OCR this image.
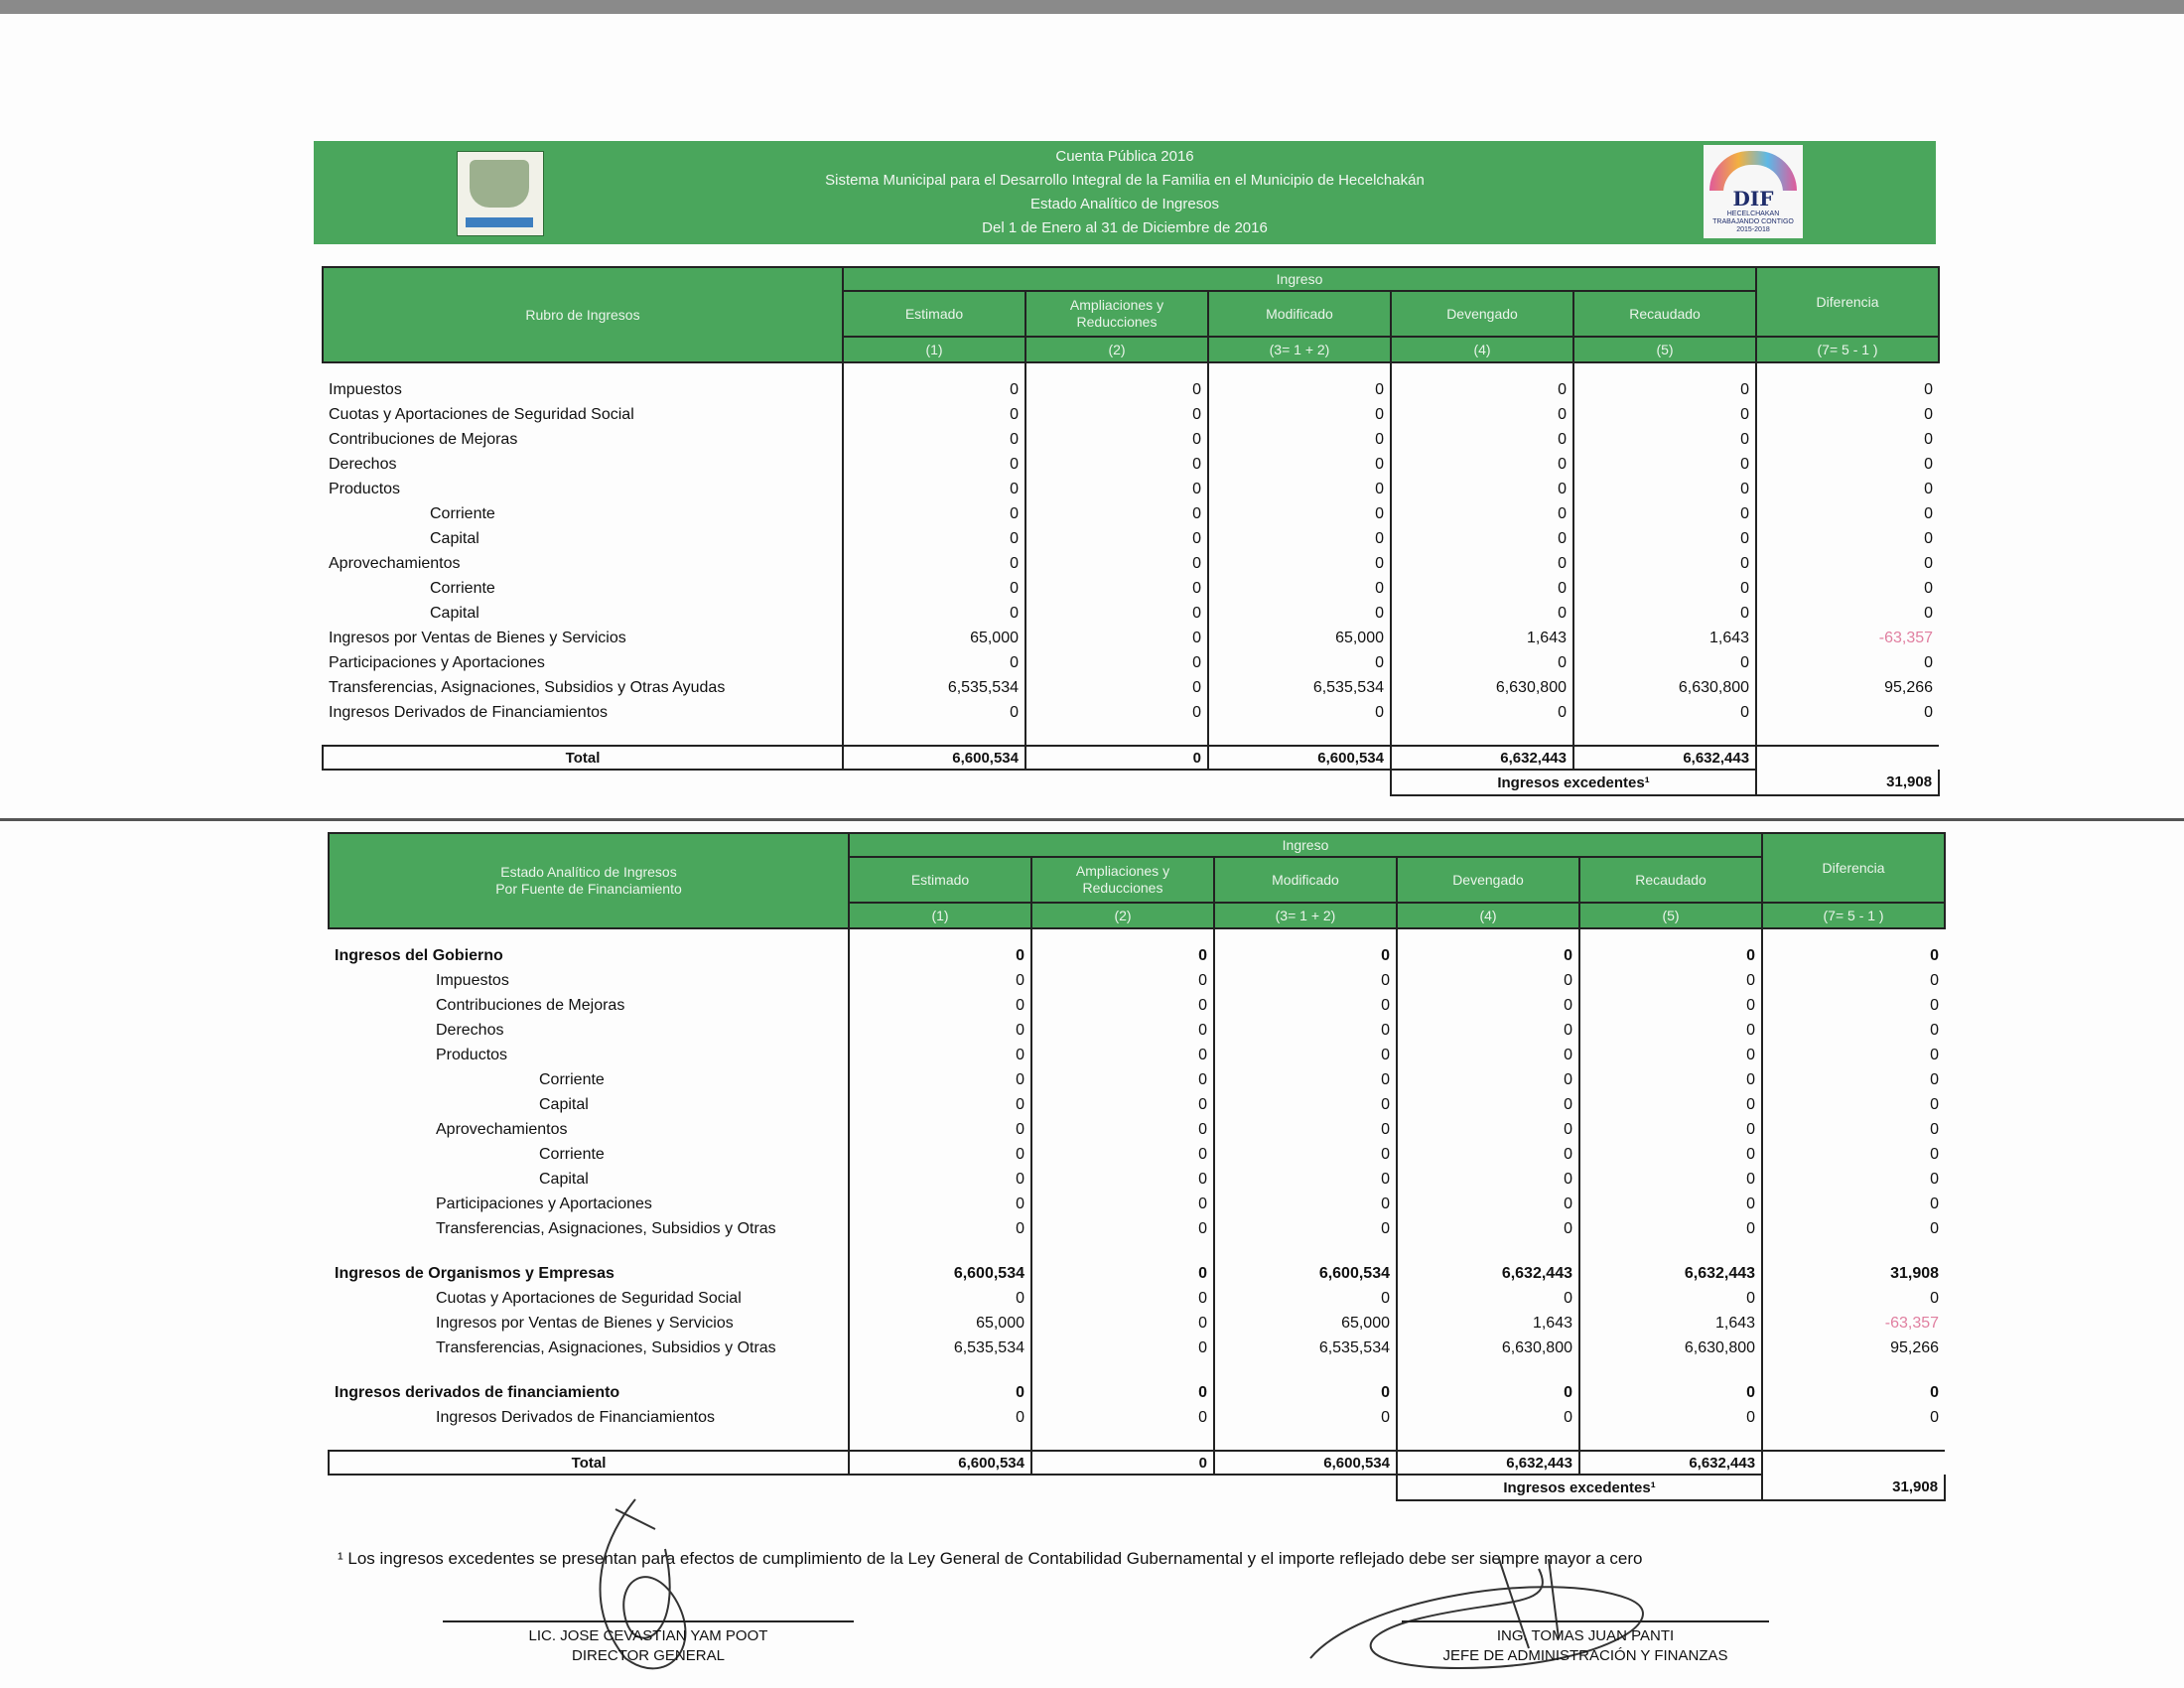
Cuenta Pública 2016
Sistema Municipal para el Desarrollo Integral de la Familia en el Municipio de Hecelchakán
Estado Analítico de Ingresos
Del 1 de Enero al 31 de Diciembre de 2016
DIF
HECELCHAKAN TRABAJANDO CONTIGO 2015-2018
Rubro de Ingresos	Ingreso					Diferencia
	Estimado	Ampliaciones y Reducciones	Modificado	Devengado	Recaudado	
	(1)	(2)	(3= 1 + 2)	(4)	(5)	(7= 5 - 1 )
Impuestos	0	0	0	0	0	0
Cuotas y Aportaciones de Seguridad Social	0	0	0	0	0	0
Contribuciones de Mejoras	0	0	0	0	0	0
Derechos	0	0	0	0	0	0
Productos	0	0	0	0	0	0
Corriente	0	0	0	0	0	0
Capital	0	0	0	0	0	0
Aprovechamientos	0	0	0	0	0	0
Corriente	0	0	0	0	0	0
Capital	0	0	0	0	0	0
Ingresos por Ventas de Bienes y Servicios	65,000	0	65,000	1,643	1,643	-63,357
Participaciones y Aportaciones	0	0	0	0	0	0
Transferencias, Asignaciones, Subsidios y Otras Ayudas	6,535,534	0	6,535,534	6,630,800	6,630,800	95,266
Ingresos Derivados de Financiamientos	0	0	0	0	0	0

Total	6,600,534	0	6,600,534	6,632,443	6,632,443	
				Ingresos excedentes¹		31,908
Estado Analítico de Ingresos
Por Fuente de Financiamiento	Ingreso					Diferencia
	Estimado	Ampliaciones y Reducciones	Modificado	Devengado	Recaudado	
	(1)	(2)	(3= 1 + 2)	(4)	(5)	(7= 5 - 1 )
Ingresos del Gobierno	0	0	0	0	0	0
Impuestos	0	0	0	0	0	0
Contribuciones de Mejoras	0	0	0	0	0	0
Derechos	0	0	0	0	0	0
Productos	0	0	0	0	0	0
Corriente	0	0	0	0	0	0
Capital	0	0	0	0	0	0
Aprovechamientos	0	0	0	0	0	0
Corriente	0	0	0	0	0	0
Capital	0	0	0	0	0	0
Participaciones y Aportaciones	0	0	0	0	0	0
Transferencias, Asignaciones, Subsidios y Otras	0	0	0	0	0	0

Ingresos de Organismos y Empresas	6,600,534	0	6,600,534	6,632,443	6,632,443	31,908
Cuotas y Aportaciones de Seguridad Social	0	0	0	0	0	0
Ingresos por Ventas de Bienes y Servicios	65,000	0	65,000	1,643	1,643	-63,357
Transferencias, Asignaciones, Subsidios y Otras	6,535,534	0	6,535,534	6,630,800	6,630,800	95,266

Ingresos derivados de financiamiento	0	0	0	0	0	0
Ingresos Derivados de Financiamientos	0	0	0	0	0	0

Total	6,600,534	0	6,600,534	6,632,443	6,632,443	
				Ingresos excedentes¹		31,908
¹ Los ingresos excedentes se presentan para efectos de cumplimiento de la Ley General de Contabilidad Gubernamental y el importe reflejado debe ser siempre mayor a cero
LIC. JOSE CEVASTIAN YAM POOT
DIRECTOR GENERAL
ING. TOMAS JUAN PANTI
JEFE DE ADMINISTRACIÓN Y FINANZAS
